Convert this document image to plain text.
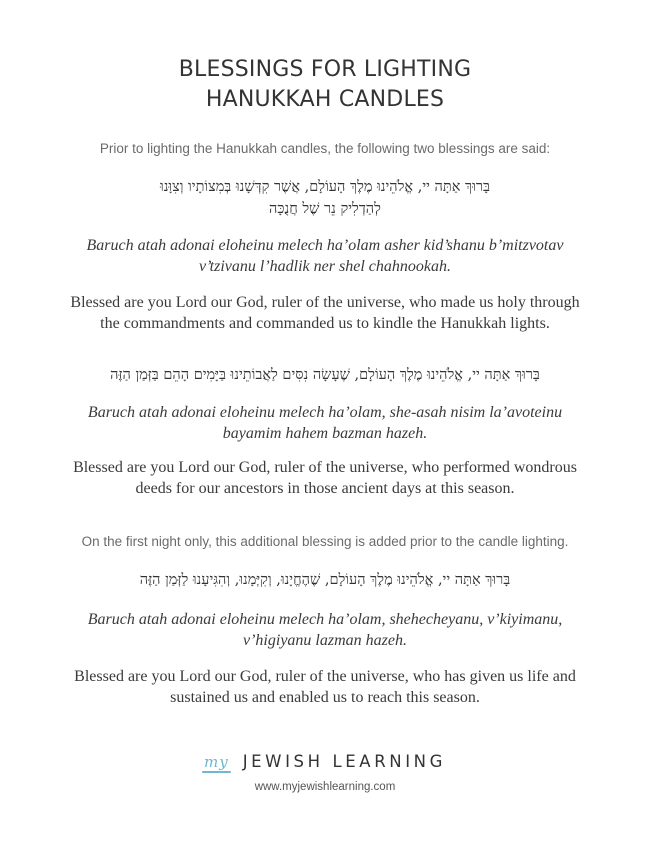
BLESSINGS FOR LIGHTING
HANUKKAH CANDLES

Prior to lighting the Hanukkah candles, the following two blessings are said:

בָּרוּךְ אַתָּה יי, אֱלֹהֵינוּ מֶלֶךְ הָעוֹלָם, אֲשֶׁר קִדְּשָׁנוּ בְּמִצוֹתָיו וְצִוָּנוּ
לְהַדְלִיק נֵר שֶׁל חֲנֻכָּה

Baruch atah adonai eloheinu melech ha’olam asher kid’shanu b’mitzvotav
v’tzivanu l’hadlik ner shel chahnookah.

Blessed are you Lord our God, ruler of the universe, who made us holy through
the commandments and commanded us to kindle the Hanukkah lights.

בָּרוּךְ אַתָּה יי, אֱלֹהֵינוּ מֶלֶךְ הָעוֹלָם, שֶׁעָשָׂה נִסִּים לַאֲבוֹתֵינוּ בַּיָּמִים הָהֵם בַּזְּמַן הַזֶּה

Baruch atah adonai eloheinu melech ha’olam, she-asah nisim la’avoteinu
bayamim hahem bazman hazeh.

Blessed are you Lord our God, ruler of the universe, who performed wondrous
deeds for our ancestors in those ancient days at this season.

On the first night only, this additional blessing is added prior to the candle lighting.

בָּרוּךְ אַתָּה יי, אֱלֹהֵינוּ מֶלֶךְ הָעוֹלָם, שֶׁהֶחֱיָנוּ, וְקִיְּמָנוּ, וְהִגִּיעָנוּ לַזְּמַן הַזֶּה

Baruch atah adonai eloheinu melech ha’olam, shehecheyanu, v’kiyimanu,
v’higiyanu lazman hazeh.

Blessed are you Lord our God, ruler of the universe, who has given us life and
sustained us and enabled us to reach this season.

my JEWISH LEARNING
www.myjewishlearning.com
